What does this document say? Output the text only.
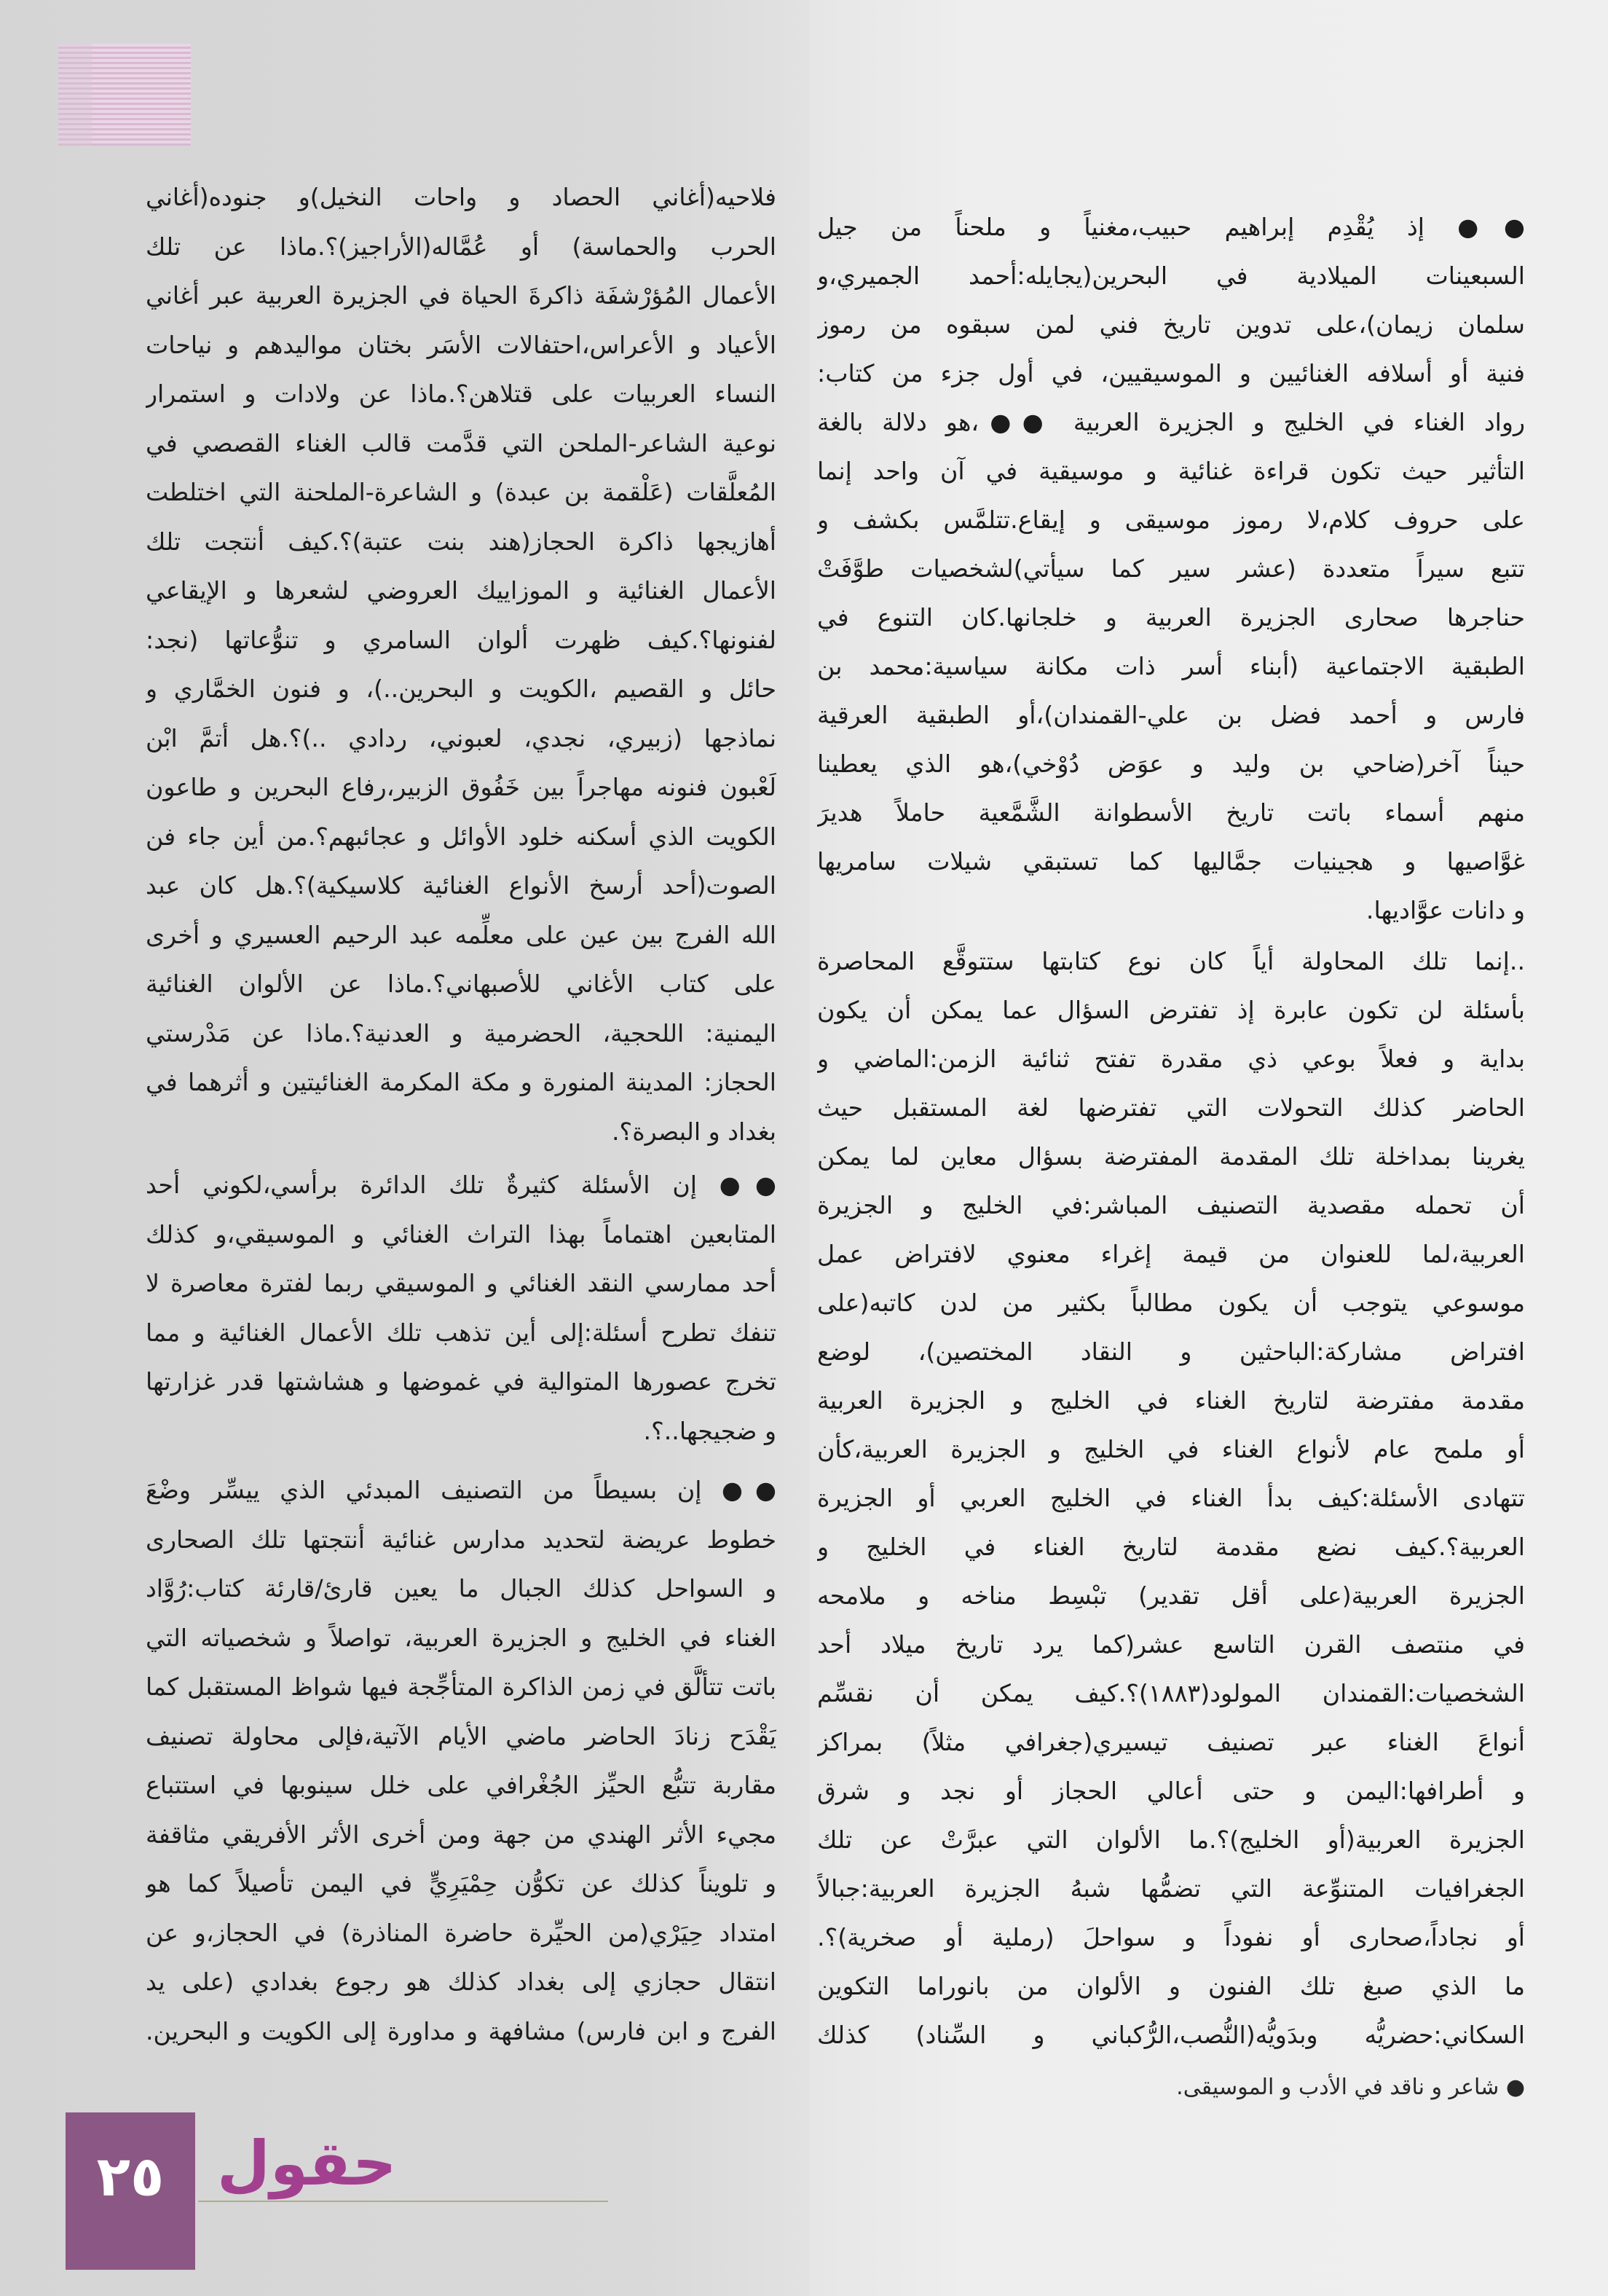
●● إذ يُقْدِم إبراهيم حبيب،مغنياً و ملحناً من جيل
السبعينات الميلادية في البحرين(يجايله:أحمد الجميري،و
سلمان زيمان)،على تدوين تاريخ فني لمن سبقوه من رموز
فنية أو أسلافه الغنائيين و الموسيقيين، في أول جزء من كتاب:
رواد الغناء في الخليج و الجزيرة العربية ●●،هو دلالة بالغة
التأثير حيث تكون قراءة غنائية و موسيقية في آن واحد إنما
على حروف كلام،لا رموز موسيقى و إيقاع.تتلمَّس بكشف و
تتبع سيراً متعددة (عشر سير كما سيأتي)لشخصيات طوَّفَتْ
حناجرها صحارى الجزيرة العربية و خلجانها.كان التنوع في
الطبقية الاجتماعية (أبناء أسر ذات مكانة سياسية:محمد بن
فارس و أحمد فضل بن علي-القمندان)،أو الطبقية العرقية
حيناً آخر(ضاحي بن وليد و عوَض دُوْخي)،هو الذي يعطينا
منهم أسماء باتت تاريخ الأسطوانة الشَّمَّعية حاملاً هديرَ
غوَّاصيها و هجينيات جمَّاليها كما تستبقي شيلات سامريها
و دانات عوَّاديها.
..إنما تلك المحاولة أياً كان نوع كتابتها ستتوقَّع المحاصرة
بأسئلة لن تكون عابرة إذ تفترض السؤال عما يمكن أن يكون
بداية و فعلاً بوعي ذي مقدرة تفتح ثنائية الزمن:الماضي و
الحاضر كذلك التحولات التي تفترضها لغة المستقبل حيث
يغرينا بمداخلة تلك المقدمة المفترضة بسؤال معاين لما يمكن
أن تحمله مقصدية التصنيف المباشر:في الخليج و الجزيرة
العربية،لما للعنوان من قيمة إغراء معنوي لافتراض عمل
موسوعي يتوجب أن يكون مطالباً بكثير من لدن كاتبه(على
افتراض مشاركة:الباحثين و النقاد المختصين)، لوضع
مقدمة مفترضة لتاريخ الغناء في الخليج و الجزيرة العربية
أو ملمح عام لأنواع الغناء في الخليج و الجزيرة العربية،كأن
تتهادى الأسئلة:كيف بدأ الغناء في الخليج العربي أو الجزيرة
العربية؟.كيف نضع مقدمة لتاريخ الغناء في الخليج و
الجزيرة العربية(على أقل تقدير) تبْسِط مناخه و ملامحه
في منتصف القرن التاسع عشر(كما يرد تاريخ ميلاد أحد
الشخصيات:القمندان المولود(١٨٨٣)؟.كيف يمكن أن نقسِّم
أنواعَ الغناء عبر تصنيف تيسيري(جغرافي مثلاً) بمراكز
و أطرافها:اليمن و حتى أعالي الحجاز أو نجد و شرق
الجزيرة العربية(أو الخليج)؟.ما الألوان التي عبرَّتْ عن تلك
الجغرافيات المتنوِّعة التي تضمُّها شبهُ الجزيرة العربية:جبالاً
أو نجاداً،صحارى أو نفوداً و سواحلَ (رملية أو صخرية)؟.
ما الذي صبغ تلك الفنون و الألوان من بانوراما التكوين
السكاني:حضريُّه وبدَويُّه(النُّصب،الرُّكباني و السِّناد) كذلك
فلاحيه(أغاني الحصاد و واحات النخيل)و جنوده(أغاني
الحرب والحماسة) أو عُمَّاله(الأراجيز)؟.ماذا عن تلك
الأعمال المُؤرْشفَة ذاكرةَ الحياة في الجزيرة العربية عبر أغاني
الأعياد و الأعراس،احتفالات الأسَر بختان مواليدهم و نياحات
النساء العربيات على قتلاهن؟.ماذا عن ولادات و استمرار
نوعية الشاعر-الملحن التي قدَّمت قالب الغناء القصصي في
المُعلَّقات (عَلْقمة بن عبدة) و الشاعرة-الملحنة التي اختلطت
أهازيجها ذاكرة الحجاز(هند بنت عتبة)؟.كيف أنتجت تلك
الأعمال الغنائية و الموزاييك العروضي لشعرها و الإيقاعي
لفنونها؟.كيف ظهرت ألوان السامري و تنوُّعاتها (نجد:
حائل و القصيم ،الكويت و البحرين..)، و فنون الخمَّاري و
نماذجها (زبيري، نجدي، لعبوني، ردادي ..)؟.هل أتمَّ ابْن
لَعْبون فنونه مهاجراً بين خَفُوق الزبير،رفاع البحرين و طاعون
الكويت الذي أسكنه خلود الأوائل و عجائبهم؟.من أين جاء فن
الصوت(أحد أرسخ الأنواع الغنائية كلاسيكية)؟.هل كان عبد
الله الفرج بين عين على معلِّمه عبد الرحيم العسيري و أخرى
على كتاب الأغاني للأصبهاني؟.ماذا عن الألوان الغنائية
اليمنية: اللحجية، الحضرمية و العدنية؟.ماذا عن مَدْرستي
الحجاز: المدينة المنورة و مكة المكرمة الغنائيتين و أثرهما في
بغداد و البصرة؟.
●● إن الأسئلة كثيرةٌ تلك الدائرة برأسي،لكوني أحد
المتابعين اهتماماً بهذا التراث الغنائي و الموسيقي،و كذلك
أحد ممارسي النقد الغنائي و الموسيقي ربما لفترة معاصرة لا
تنفك تطرح أسئلة:إلى أين تذهب تلك الأعمال الغنائية و مما
تخرج عصورها المتوالية في غموضها و هشاشتها قدر غزارتها
و ضجيجها..؟.
●● إن بسيطاً من التصنيف المبدئي الذي ييسِّر وضْعَ
خطوط عريضة لتحديد مدارس غنائية أنتجتها تلك الصحارى
و السواحل كذلك الجبال ما يعين قارئ/قارئة كتاب:رُوَّاد
الغناء في الخليج و الجزيرة العربية، تواصلاً و شخصياته التي
باتت تتألَّق في زمن الذاكرة المتأجِّجة فيها شواظ المستقبل كما
يَقْدَح زنادَ الحاضر ماضي الأيام الآتية،فإلى محاولة تصنيف
مقاربة تتبُّع الحيِّز الجُغْرافي على خلل سينوبها في استتباع
مجيء الأثر الهندي من جهة ومن أخرى الأثر الأفريقي مثاقفة
و تلويناً كذلك عن تكوُّن حِمْيَرِيٍّ في اليمن تأصيلاً كما هو
امتداد حِيَرْي(من الحيِّرة حاضرة المناذرة) في الحجاز،و عن
انتقال حجازي إلى بغداد كذلك هو رجوع بغدادي (على يد
الفرج و ابن فارس) مشافهة و مداورة إلى الكويت و البحرين.
● شاعر و ناقد في الأدب و الموسيقى.
٢٥ حقول
